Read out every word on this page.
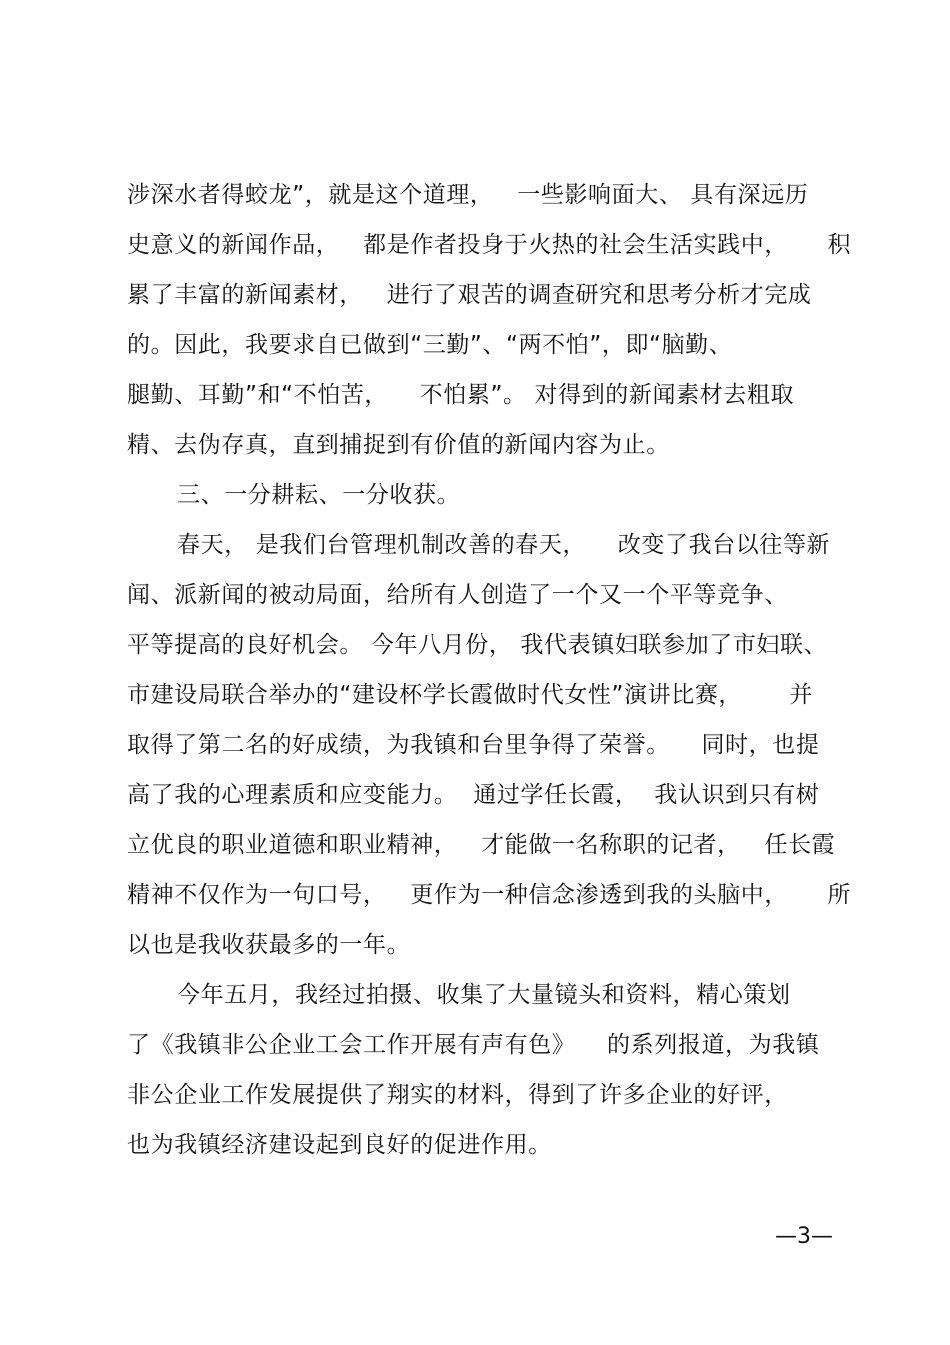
涉深水者得蛟龙”，就是这个道理，   一些影响面大、 具有深远历
史意义的新闻作品，   都是作者投身于火热的社会生活实践中，     积
累了丰富的新闻素材，   进行了艰苦的调查研究和思考分析才完成
的。因此，我要求自已做到“三勤”、“两不怕”，即“脑勤、
腿勤、耳勤”和“不怕苦，    不怕累”。 对得到的新闻素材去粗取
精、去伪存真，直到捕捉到有价值的新闻内容为止。
三、一分耕耘、一分收获。
春天， 是我们台管理机制改善的春天，    改变了我台以往等新
闻、派新闻的被动局面，给所有人创造了一个又一个平等竞争、
平等提高的良好机会。 今年八月份， 我代表镇妇联参加了市妇联、
市建设局联合举办的“建设杯学长霞做时代女性”演讲比赛，      并
取得了第二名的好成绩，为我镇和台里争得了荣誉。    同时，也提
高了我的心理素质和应变能力。  通过学任长霞，  我认识到只有树
立优良的职业道德和职业精神，   才能做一名称职的记者，   任长霞
精神不仅作为一句口号，   更作为一种信念渗透到我的头脑中，     所
以也是我收获最多的一年。
今年五月，我经过拍摄、收集了大量镜头和资料，精心策划
了《我镇非公企业工会工作开展有声有色》    的系列报道，为我镇
非公企业工作发展提供了翔实的材料，得到了许多企业的好评，
也为我镇经济建设起到良好的促进作用。
—3—
